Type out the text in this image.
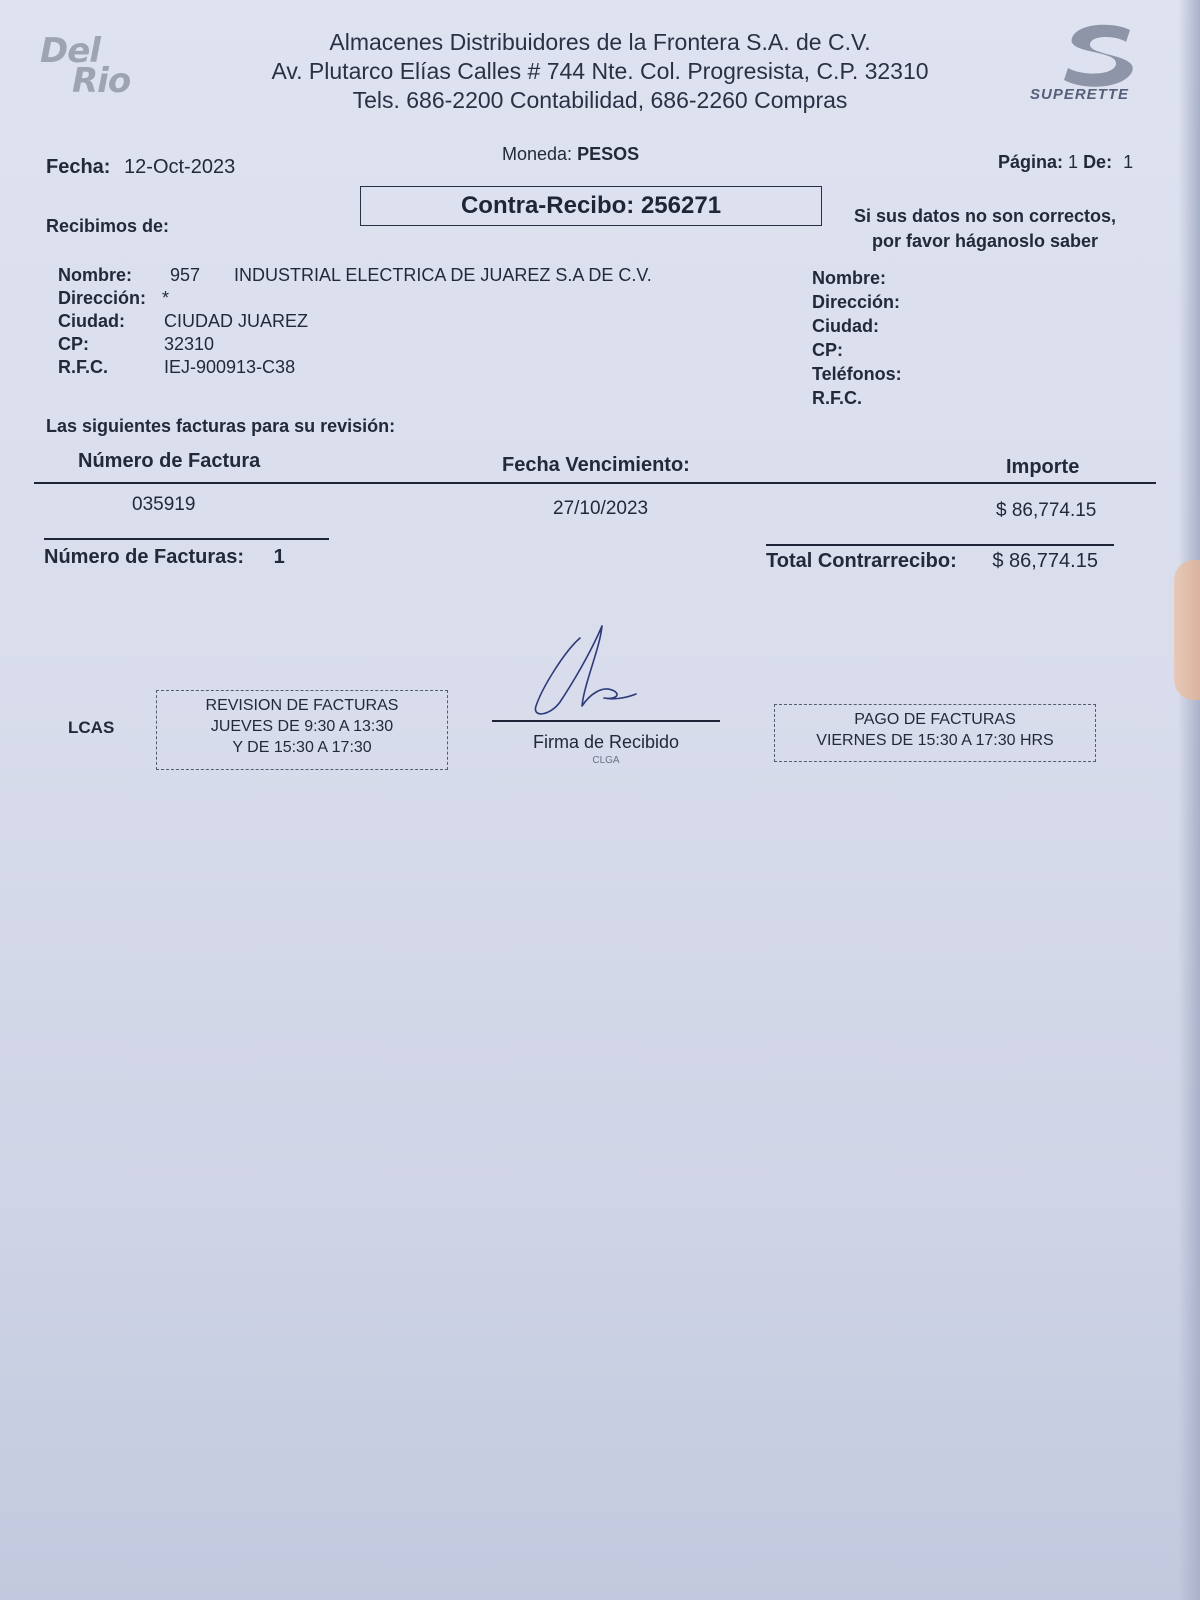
Del
Rio	SUPERETTE
Almacenes Distribuidores de la Frontera S.A. de C.V.
Av. Plutarco Elías Calles # 744 Nte. Col. Progresista, C.P. 32310
Tels. 686-2200 Contabilidad, 686-2260 Compras
Fecha: 12-Oct-2023
Moneda: PESOS	Página: 1 De: 1
Contra-Recibo: 256271
Recibimos de:	Si sus datos no son correctos,
por favor háganoslo saber
Nombre: 957 INDUSTRIAL ELECTRICA DE JUAREZ S.A DE C.V.
Dirección: *
Ciudad: CIUDAD JUAREZ
CP:	32310
R.F.C.	IEJ-900913-C38
Nombre:
Dirección:
Ciudad:
CP:
Teléfonos:
R.F.C.
Las siguientes facturas para su revisión:
Número de Factura	Fecha Vencimiento:	Importe
035919	27/10/2023	$ 86,774.15
Número de Facturas: 1	Total Contrarrecibo: $ 86,774.15
LCAS
REVISION DE FACTURAS
JUEVES DE 9:30 A 13:30
Y DE 15:30 A 17:30	Firma de Recibido
CLGA
PAGO DE FACTURAS
VIERNES DE 15:30 A 17:30 HRS
